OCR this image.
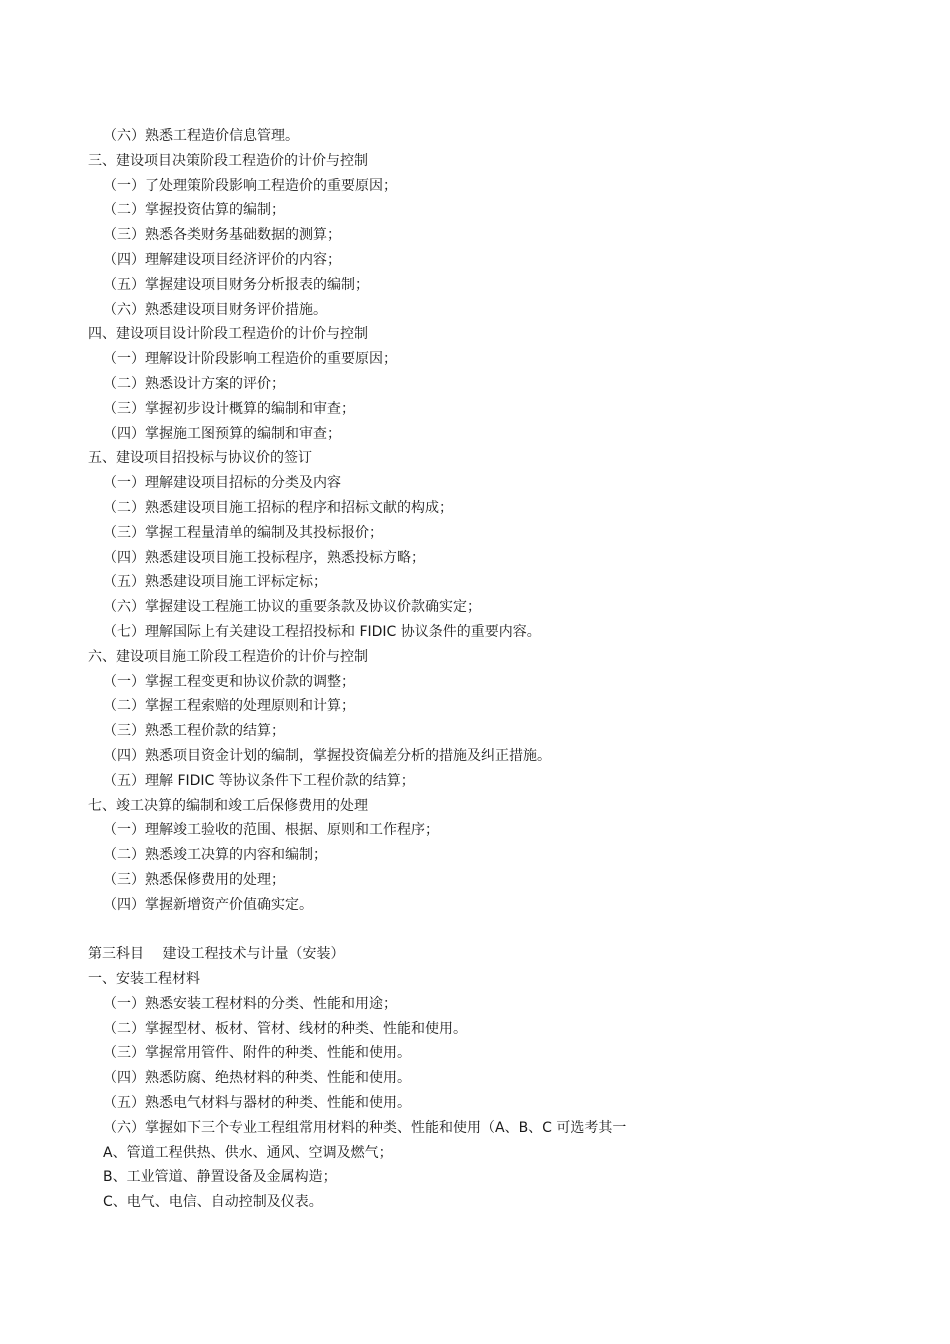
（六）熟悉工程造价信息管理。
三、建设项目决策阶段工程造价的计价与控制
（一）了处理策阶段影响工程造价的重要原因；
（二）掌握投资估算的编制；
（三）熟悉各类财务基础数据的测算；
（四）理解建设项目经济评价的内容；
（五）掌握建设项目财务分析报表的编制；
（六）熟悉建设项目财务评价措施。
四、建设项目设计阶段工程造价的计价与控制
（一）理解设计阶段影响工程造价的重要原因；
（二）熟悉设计方案的评价；
（三）掌握初步设计概算的编制和审查；
（四）掌握施工图预算的编制和审查；
五、建设项目招投标与协议价的签订
（一）理解建设项目招标的分类及内容
（二）熟悉建设项目施工招标的程序和招标文献的构成；
（三）掌握工程量清单的编制及其投标报价；
（四）熟悉建设项目施工投标程序，熟悉投标方略；
（五）熟悉建设项目施工评标定标；
（六）掌握建设工程施工协议的重要条款及协议价款确实定；
（七）理解国际上有关建设工程招投标和 FIDIC 协议条件的重要内容。
六、建设项目施工阶段工程造价的计价与控制
（一）掌握工程变更和协议价款的调整；
（二）掌握工程索赔的处理原则和计算；
（三）熟悉工程价款的结算；
（四）熟悉项目资金计划的编制，掌握投资偏差分析的措施及纠正措施。
（五）理解 FIDIC 等协议条件下工程价款的结算；
七、竣工决算的编制和竣工后保修费用的处理
（一）理解竣工验收的范围、根据、原则和工作程序；
（二）熟悉竣工决算的内容和编制；
（三）熟悉保修费用的处理；
（四）掌握新增资产价值确实定。
第三科目　 建设工程技术与计量（安装）
一、安装工程材料
（一）熟悉安装工程材料的分类、性能和用途；
（二）掌握型材、板材、管材、线材的种类、性能和使用。
（三）掌握常用管件、附件的种类、性能和使用。
（四）熟悉防腐、绝热材料的种类、性能和使用。
（五）熟悉电气材料与器材的种类、性能和使用。
（六）掌握如下三个专业工程组常用材料的种类、性能和使用（A、B、C 可选考其一
A、管道工程供热、供水、通风、空调及燃气；
B、工业管道、静置设备及金属构造；
C、电气、电信、自动控制及仪表。
